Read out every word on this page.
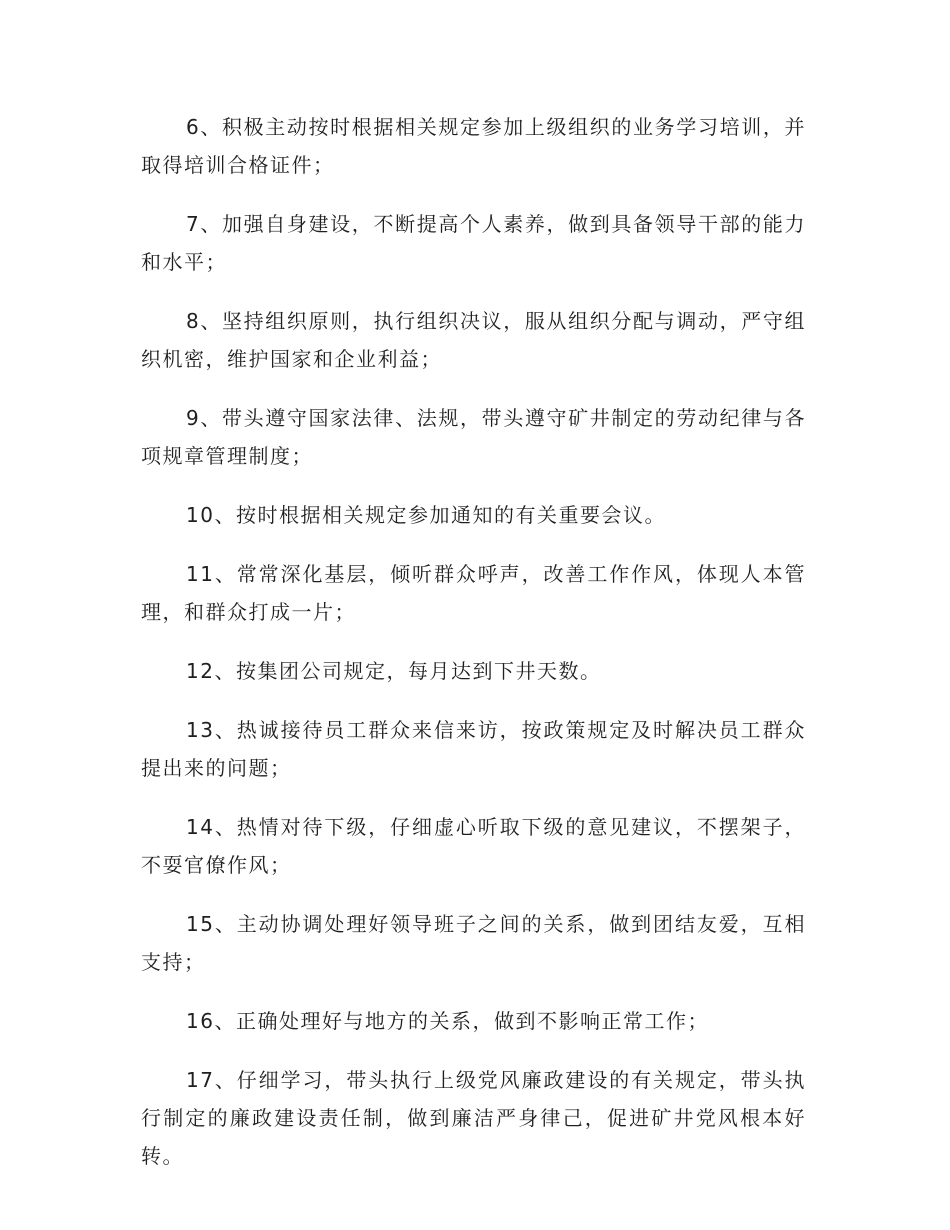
6、积极主动按时根据相关规定参加上级组织的业务学习培训，并取得培训合格证件；

7、加强自身建设，不断提高个人素养，做到具备领导干部的能力和水平；

8、坚持组织原则，执行组织决议，服从组织分配与调动，严守组织机密，维护国家和企业利益；

9、带头遵守国家法律、法规，带头遵守矿井制定的劳动纪律与各项规章管理制度；

10、按时根据相关规定参加通知的有关重要会议。

11、常常深化基层，倾听群众呼声，改善工作作风，体现人本管理，和群众打成一片；

12、按集团公司规定，每月达到下井天数。

13、热诚接待员工群众来信来访，按政策规定及时解决员工群众提出来的问题；

14、热情对待下级，仔细虚心听取下级的意见建议，不摆架子，不耍官僚作风；

15、主动协调处理好领导班子之间的关系，做到团结友爱，互相支持；

16、正确处理好与地方的关系，做到不影响正常工作；

17、仔细学习，带头执行上级党风廉政建设的有关规定，带头执行制定的廉政建设责任制，做到廉洁严身律己，促进矿井党风根本好转。
